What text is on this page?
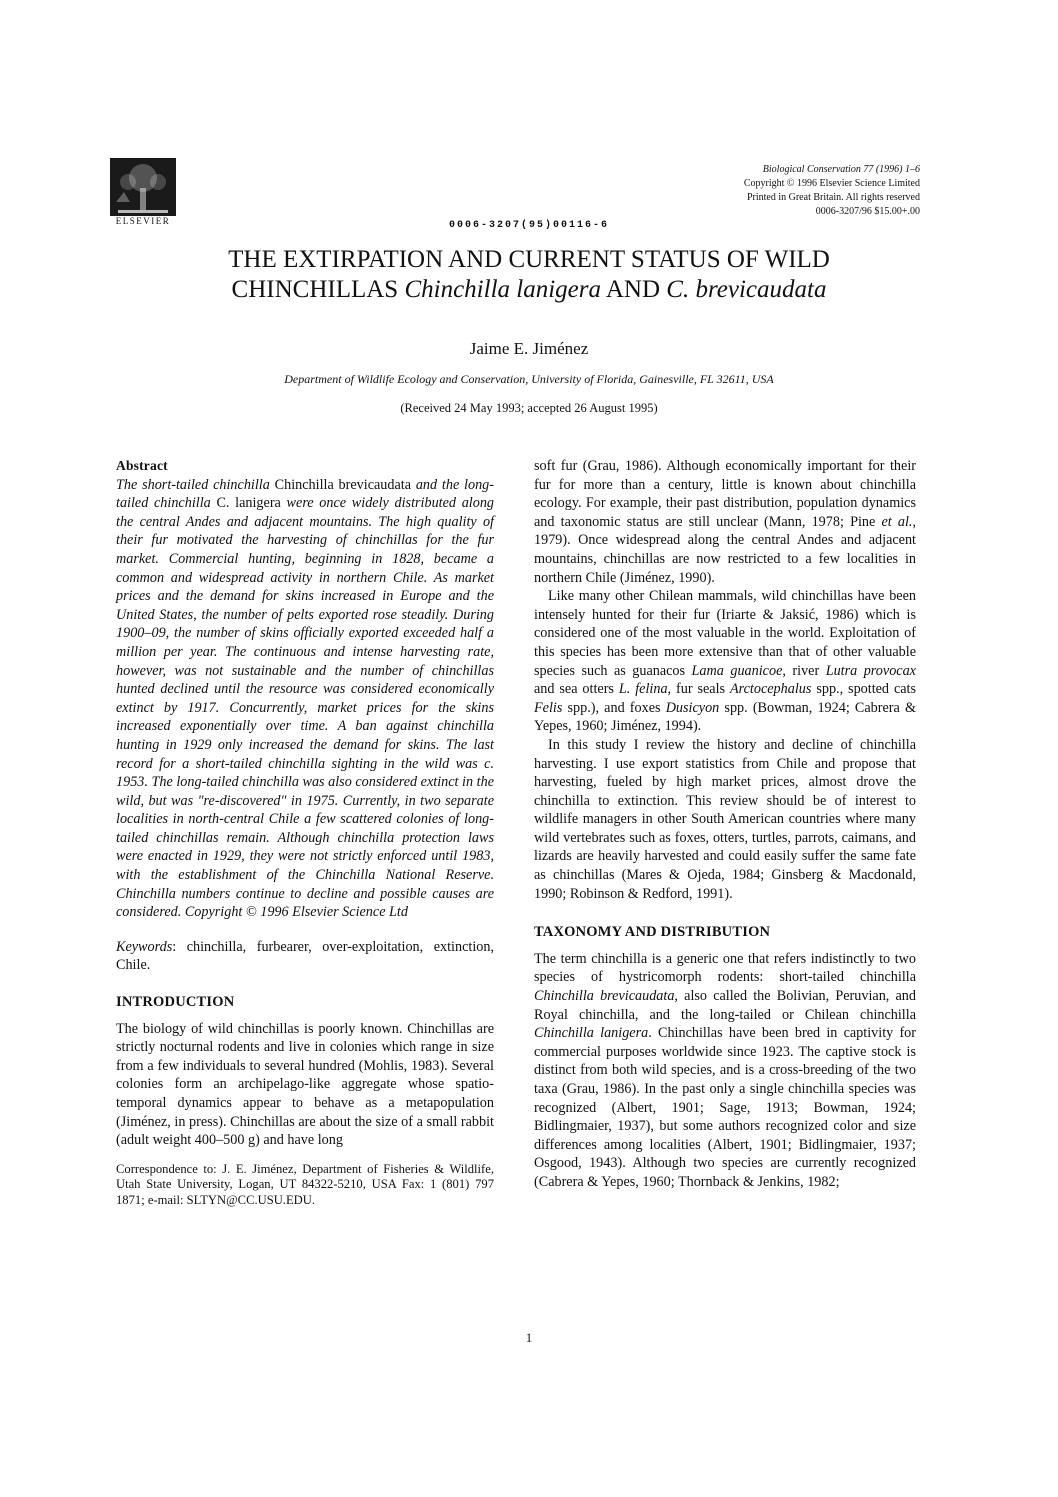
ELSEVIER	0006-3207(95)00116-6
Biological Conservation 77 (1996) 1–6
Copyright © 1996 Elsevier Science Limited
Printed in Great Britain. All rights reserved
0006-3207/96 $15.00+.00
THE EXTIRPATION AND CURRENT STATUS OF WILD
CHINCHILLAS Chinchilla lanigera AND C. brevicaudata
Jaime E. Jiménez
Department of Wildlife Ecology and Conservation, University of Florida, Gainesville, FL 32611, USA
(Received 24 May 1993; accepted 26 August 1995)
Abstract

The short-tailed chinchilla Chinchilla brevicaudata and the long-tailed chinchilla C. lanigera were once widely distributed along the central Andes and adjacent mountains. The high quality of their fur motivated the harvesting of chinchillas for the fur market. Commercial hunting, beginning in 1828, became a common and widespread activity in northern Chile. As market prices and the demand for skins increased in Europe and the United States, the number of pelts exported rose steadily. During 1900–09, the number of skins officially exported exceeded half a million per year. The continuous and intense harvesting rate, however, was not sustainable and the number of chinchillas hunted declined until the resource was considered economically extinct by 1917. Concurrently, market prices for the skins increased exponentially over time. A ban against chinchilla hunting in 1929 only increased the demand for skins. The last record for a short-tailed chinchilla sighting in the wild was c. 1953. The long-tailed chinchilla was also considered extinct in the wild, but was "re-discovered" in 1975. Currently, in two separate localities in north-central Chile a few scattered colonies of long-tailed chinchillas remain. Although chinchilla protection laws were enacted in 1929, they were not strictly enforced until 1983, with the establishment of the Chinchilla National Reserve. Chinchilla numbers continue to decline and possible causes are considered. Copyright © 1996 Elsevier Science Ltd

Keywords: chinchilla, furbearer, over-exploitation, extinction, Chile.

INTRODUCTION

The biology of wild chinchillas is poorly known. Chinchillas are strictly nocturnal rodents and live in colonies which range in size from a few individuals to several hundred (Mohlis, 1983). Several colonies form an archipelago-like aggregate whose spatio-temporal dynamics appear to behave as a metapopulation (Jiménez, in press). Chinchillas are about the size of a small rabbit (adult weight 400–500 g) and have long

Correspondence to: J. E. Jiménez, Department of Fisheries & Wildlife, Utah State University, Logan, UT 84322-5210, USA Fax: 1 (801) 797 1871; e-mail: SLTYN@CC.USU.EDU.

soft fur (Grau, 1986). Although economically important for their fur for more than a century, little is known about chinchilla ecology. For example, their past distribution, population dynamics and taxonomic status are still unclear (Mann, 1978; Pine et al., 1979). Once widespread along the central Andes and adjacent mountains, chinchillas are now restricted to a few localities in northern Chile (Jiménez, 1990).

Like many other Chilean mammals, wild chinchillas have been intensely hunted for their fur (Iriarte & Jaksić, 1986) which is considered one of the most valuable in the world. Exploitation of this species has been more extensive than that of other valuable species such as guanacos Lama guanicoe, river Lutra provocax and sea otters L. felina, fur seals Arctocephalus spp., spotted cats Felis spp.), and foxes Dusicyon spp. (Bowman, 1924; Cabrera & Yepes, 1960; Jiménez, 1994).

In this study I review the history and decline of chinchilla harvesting. I use export statistics from Chile and propose that harvesting, fueled by high market prices, almost drove the chinchilla to extinction. This review should be of interest to wildlife managers in other South American countries where many wild vertebrates such as foxes, otters, turtles, parrots, caimans, and lizards are heavily harvested and could easily suffer the same fate as chinchillas (Mares & Ojeda, 1984; Ginsberg & Macdonald, 1990; Robinson & Redford, 1991).

TAXONOMY AND DISTRIBUTION

The term chinchilla is a generic one that refers indistinctly to two species of hystricomorph rodents: short-tailed chinchilla Chinchilla brevicaudata, also called the Bolivian, Peruvian, and Royal chinchilla, and the long-tailed or Chilean chinchilla Chinchilla lanigera. Chinchillas have been bred in captivity for commercial purposes worldwide since 1923. The captive stock is distinct from both wild species, and is a cross-breeding of the two taxa (Grau, 1986). In the past only a single chinchilla species was recognized (Albert, 1901; Sage, 1913; Bowman, 1924; Bidlingmaier, 1937), but some authors recognized color and size differences among localities (Albert, 1901; Bidlingmaier, 1937; Osgood, 1943). Although two species are currently recognized (Cabrera & Yepes, 1960; Thornback & Jenkins, 1982;

1
